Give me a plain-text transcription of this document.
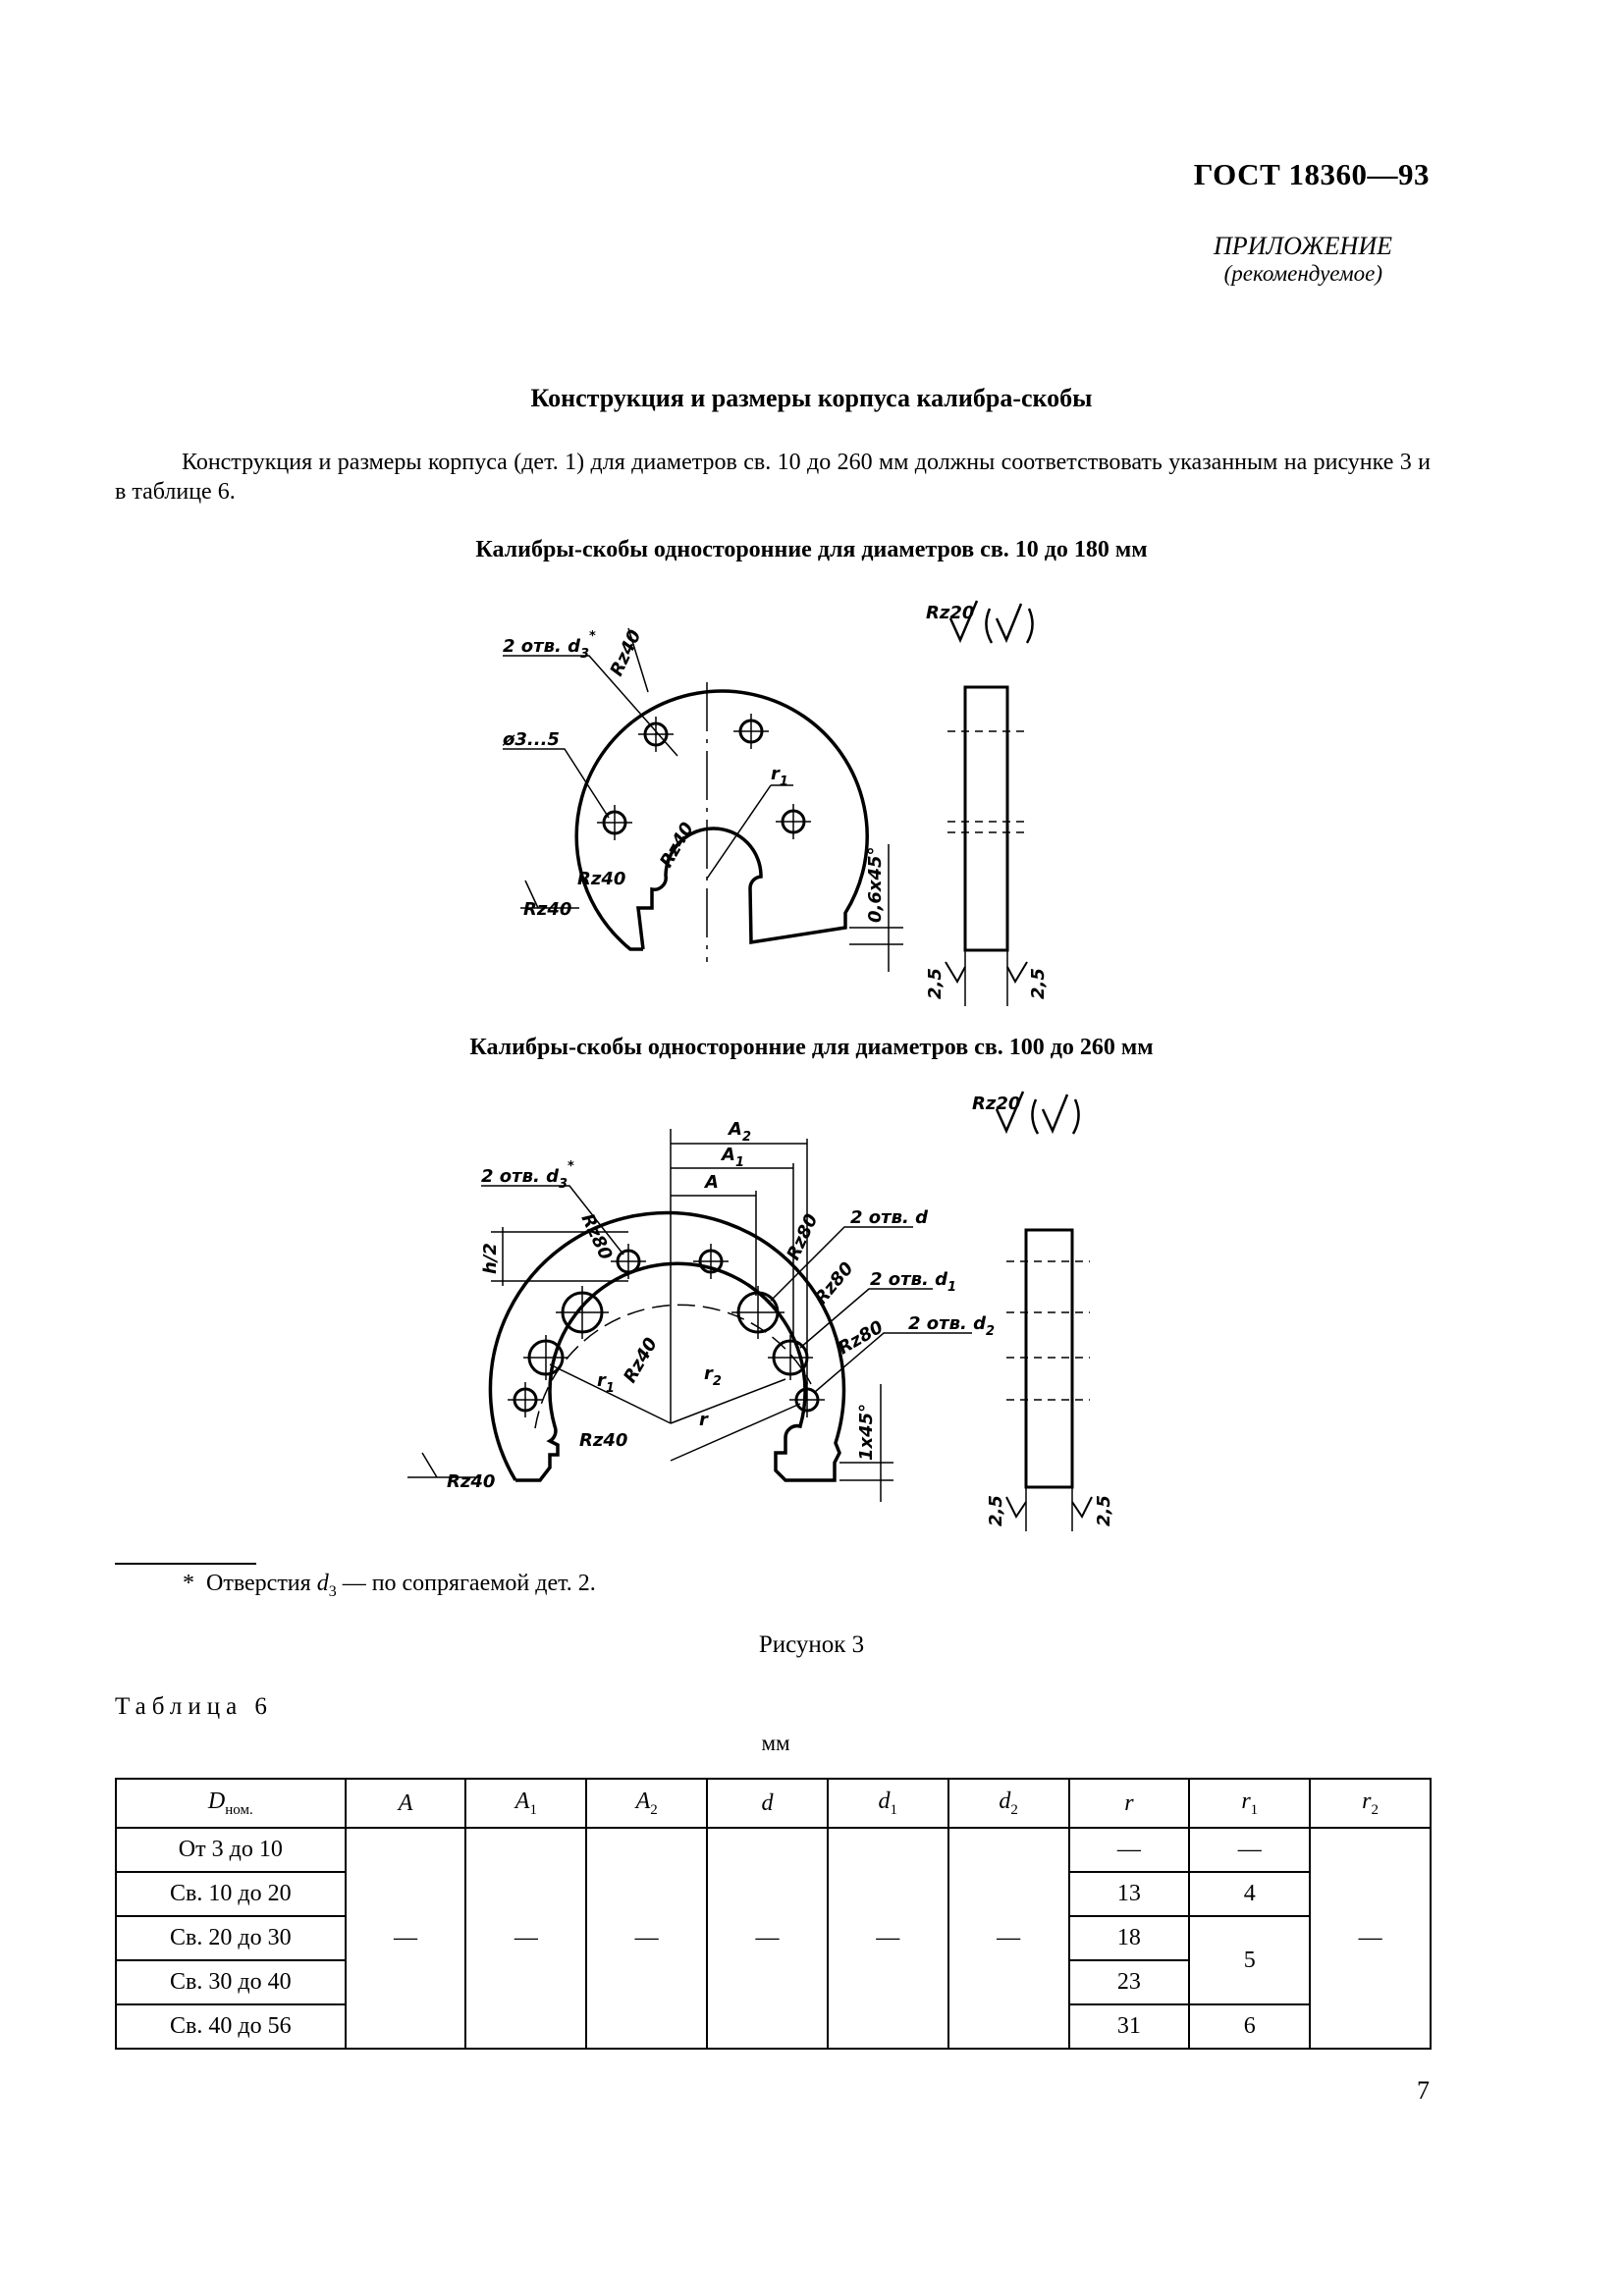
ГОСТ 18360—93
ПРИЛОЖЕНИЕ
(рекомендуемое)
Конструкция и размеры корпуса калибра-скобы
Конструкция и размеры корпуса (дет. 1) для диаметров св. 10 до 260 мм должны соответствовать указанным на рисунке 3 и в таблице 6.
Калибры-скобы односторонние для диаметров св. 10 до 180 мм
Калибры-скобы односторонние для диаметров св. 100 до 260 мм
2 отв. $d_3^*$ Rz40
ø3...5
$r_1$
Rz40
Rz40
Rz40	0,6x45°
2,5	2,5
Rz20
$A_2$
$A_1$
A
2 отв. $d_3^*$
Rz80
h/2	Rz80 2 отв. d
Rz80 2 отв. $d_1$
Rz80 2 отв. $d_2$
Rz40
$r_1$
$r_2$
r
Rz40
Rz40
1x45°
2,5	2,5
Rz20
* Отверстия $d_3$ — по сопрягаемой дет. 2.
Рисунок 3
Таблица 6
мм
$D_{ном.}$	A	$A_1$	$A_2$	d	$d_1$	$d_2$	r	$r_1$	$r_2$
От 3 до 10	—	—	—	—	—	—	—	—	—
Св. 10 до 20							13	4	
Св. 20 до 30							18	5	
Св. 30 до 40							23		
Св. 40 до 56							31	6	
7
